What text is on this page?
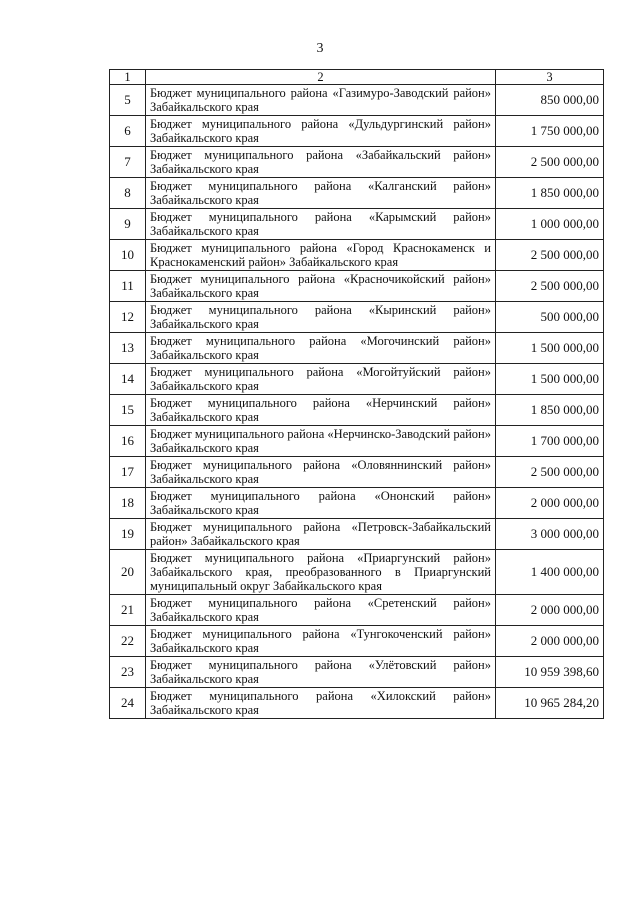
3
1	2	3
5	Бюджет муниципального района «Газимуро-Заводский район» Забайкальского края	850 000,00
6	Бюджет муниципального района «Дульдургинский район» Забайкальского края	1 750 000,00
7	Бюджет муниципального района «Забайкальский район» Забайкальского края	2 500 000,00
8	Бюджет муниципального района «Калганский район» Забайкальского края	1 850 000,00
9	Бюджет муниципального района «Карымский район» Забайкальского края	1 000 000,00
10	Бюджет муниципального района «Город Краснокаменск и Краснокаменский район» Забайкальского края	2 500 000,00
11	Бюджет муниципального района «Красночикойский район» Забайкальского края	2 500 000,00
12	Бюджет муниципального района «Кыринский район» Забайкальского края	500 000,00
13	Бюджет муниципального района «Могочинский район» Забайкальского края	1 500 000,00
14	Бюджет муниципального района «Могойтуйский район» Забайкальского края	1 500 000,00
15	Бюджет муниципального района «Нерчинский район» Забайкальского края	1 850 000,00
16	Бюджет муниципального района «Нерчинско-Заводский район» Забайкальского края	1 700 000,00
17	Бюджет муниципального района «Оловяннинский район» Забайкальского края	2 500 000,00
18	Бюджет муниципального района «Ононский район» Забайкальского края	2 000 000,00
19	Бюджет муниципального района «Петровск-Забайкальский район» Забайкальского края	3 000 000,00
20	Бюджет муниципального района «Приаргунский район» Забайкальского края, преобразованного в Приаргунский муниципальный округ Забайкальского края	1 400 000,00
21	Бюджет муниципального района «Сретенский район» Забайкальского края	2 000 000,00
22	Бюджет муниципального района «Тунгокоченский район» Забайкальского края	2 000 000,00
23	Бюджет муниципального района «Улётовский район» Забайкальского края	10 959 398,60
24	Бюджет муниципального района «Хилокский район» Забайкальского края	10 965 284,20
